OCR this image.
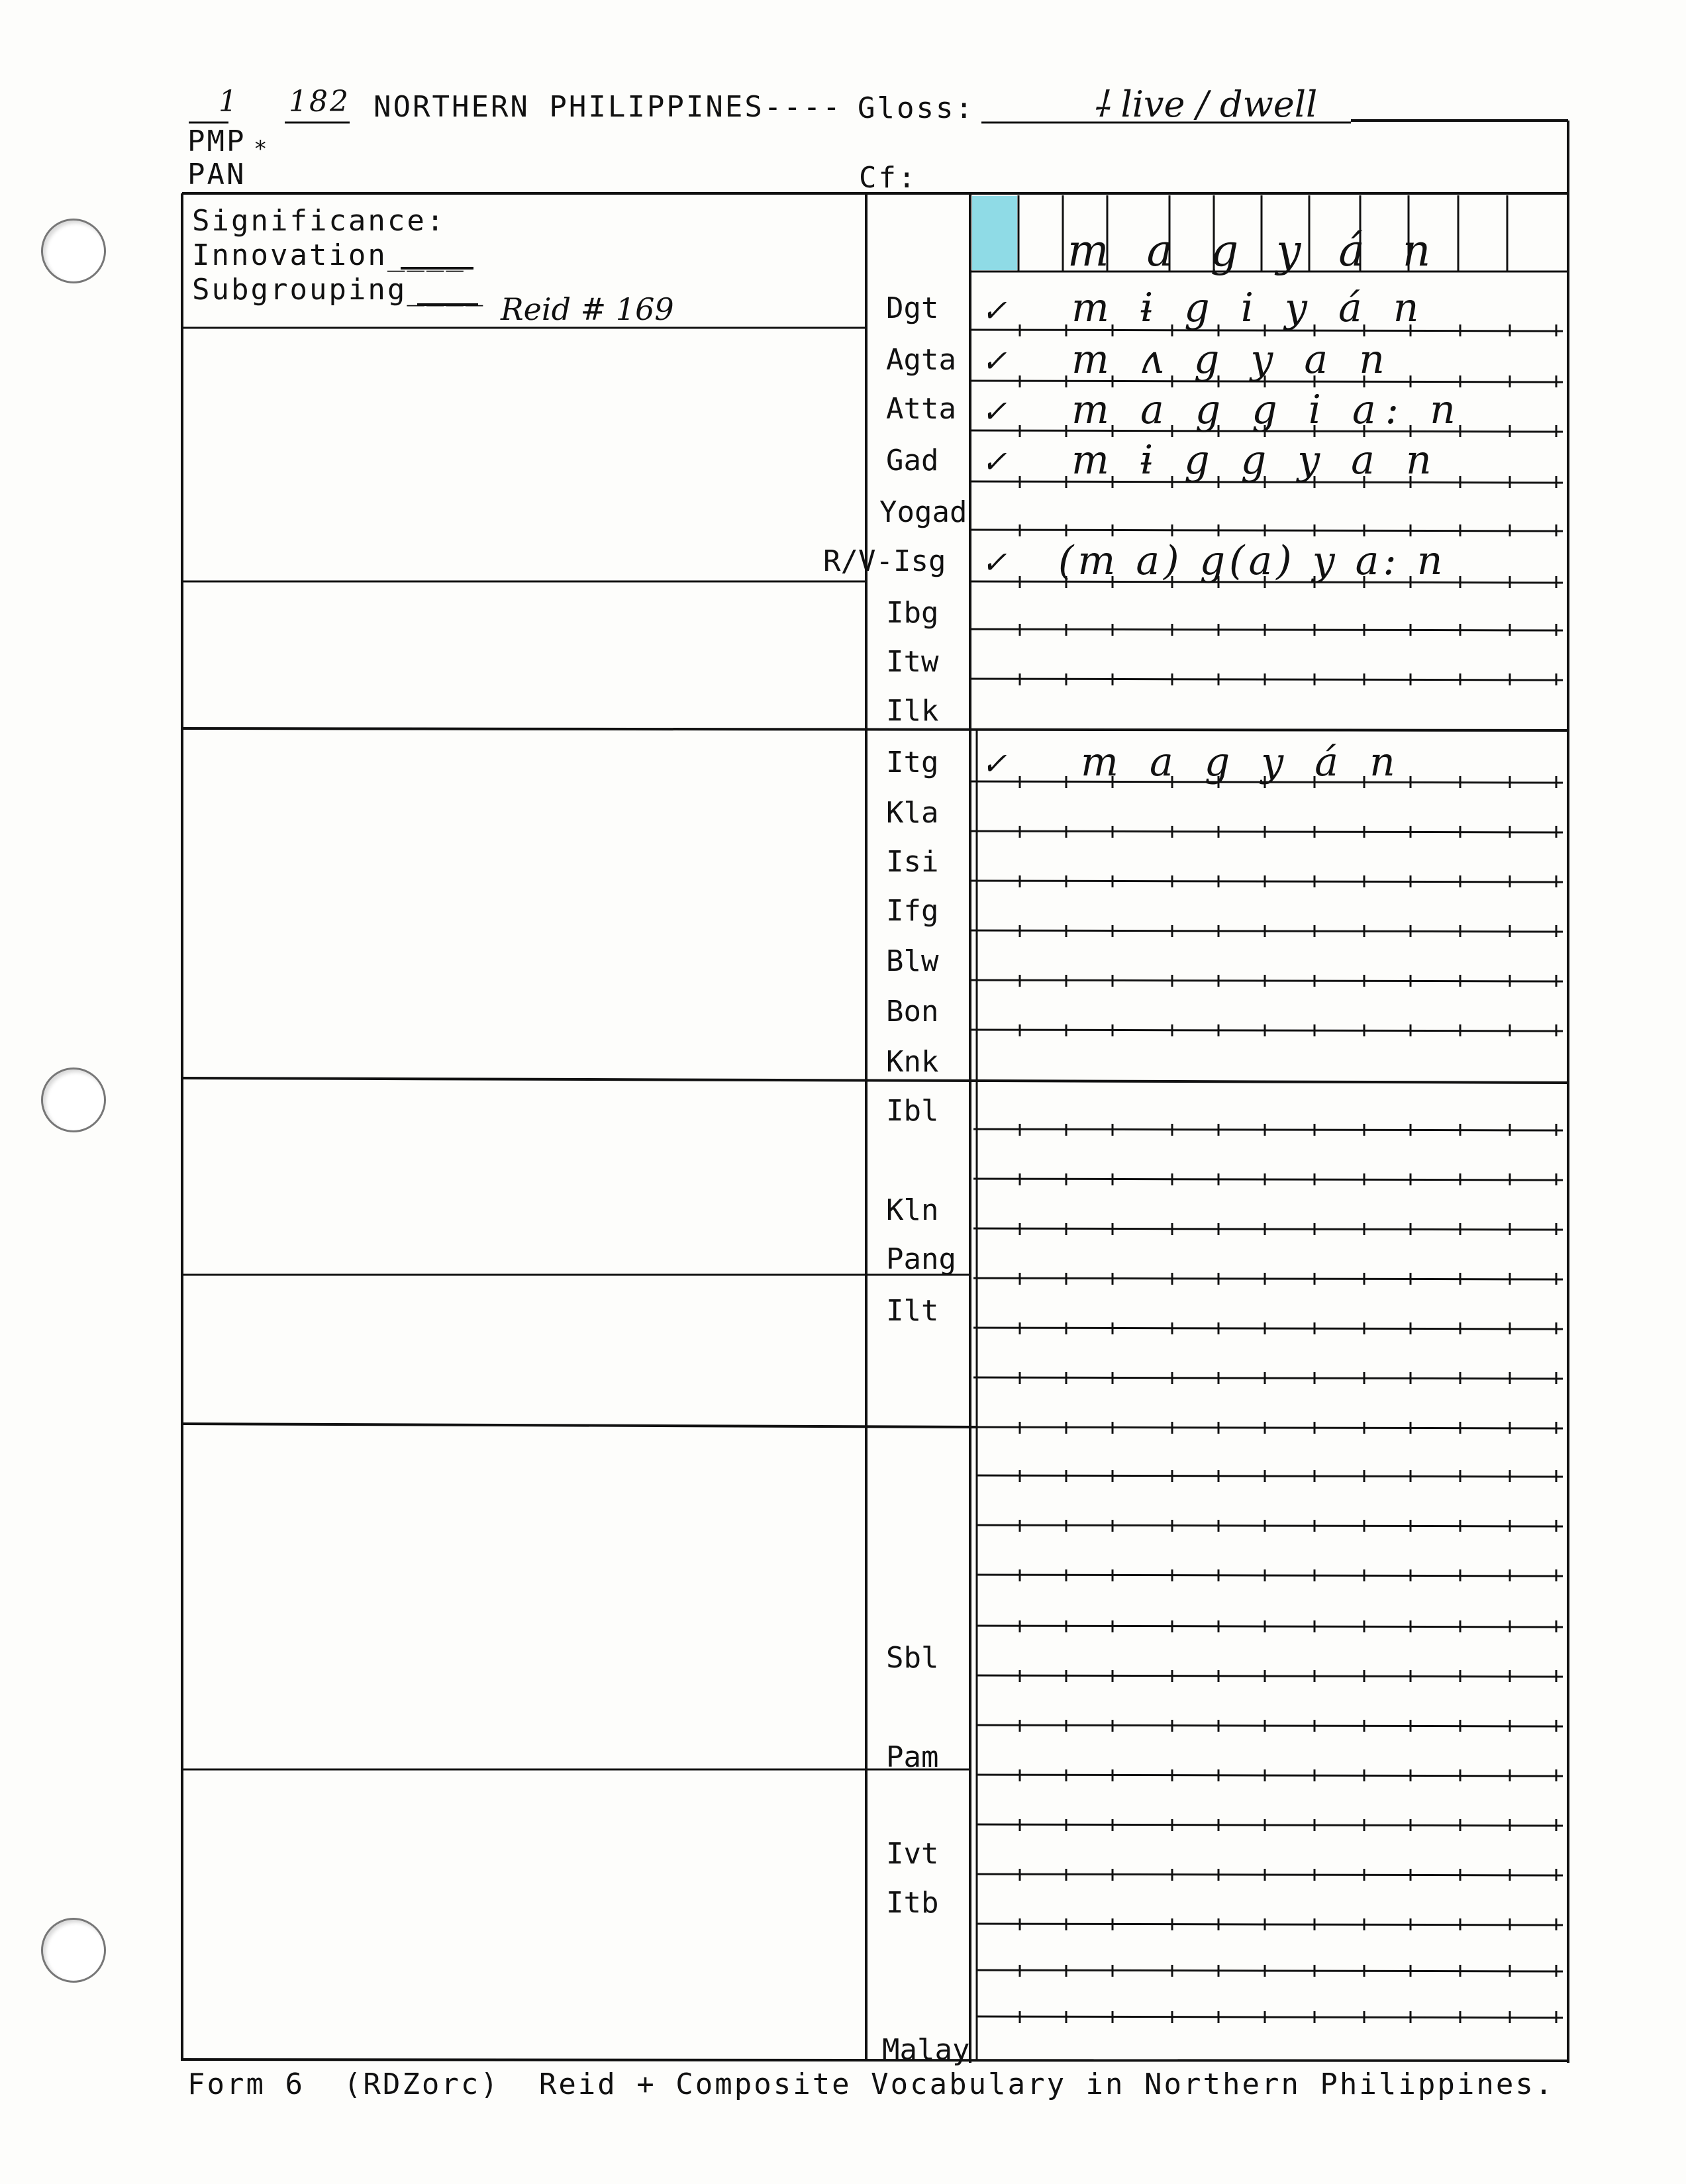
1 182 NORTHERN PHILIPPINES---- Gloss:	⸸ live / dwell
PMP *
PAN	Cf:
Significance:
Innovation____
Subgrouping____
Reid # 169
m a g y á n
Dgt
Agta
Atta
Gad
Yogad
R/V-Isg
Ibg
Itw
Ilk
Itg
Kla
Isi
Ifg
Blw
Bon
Knk
Ibl
Kln
Pang
Ilt
Sbl
Pam
Ivt
Itb
Malay
✓
✓
✓
✓
✓
✓
m ɨ g i y á n
m ʌ g y a n
m a g g i a: n
m ɨ g g y a n
(m a) g(a) y a: n
m a g y á n
Form 6  (RDZorc)  Reid + Composite Vocabulary in Northern Philippines.
